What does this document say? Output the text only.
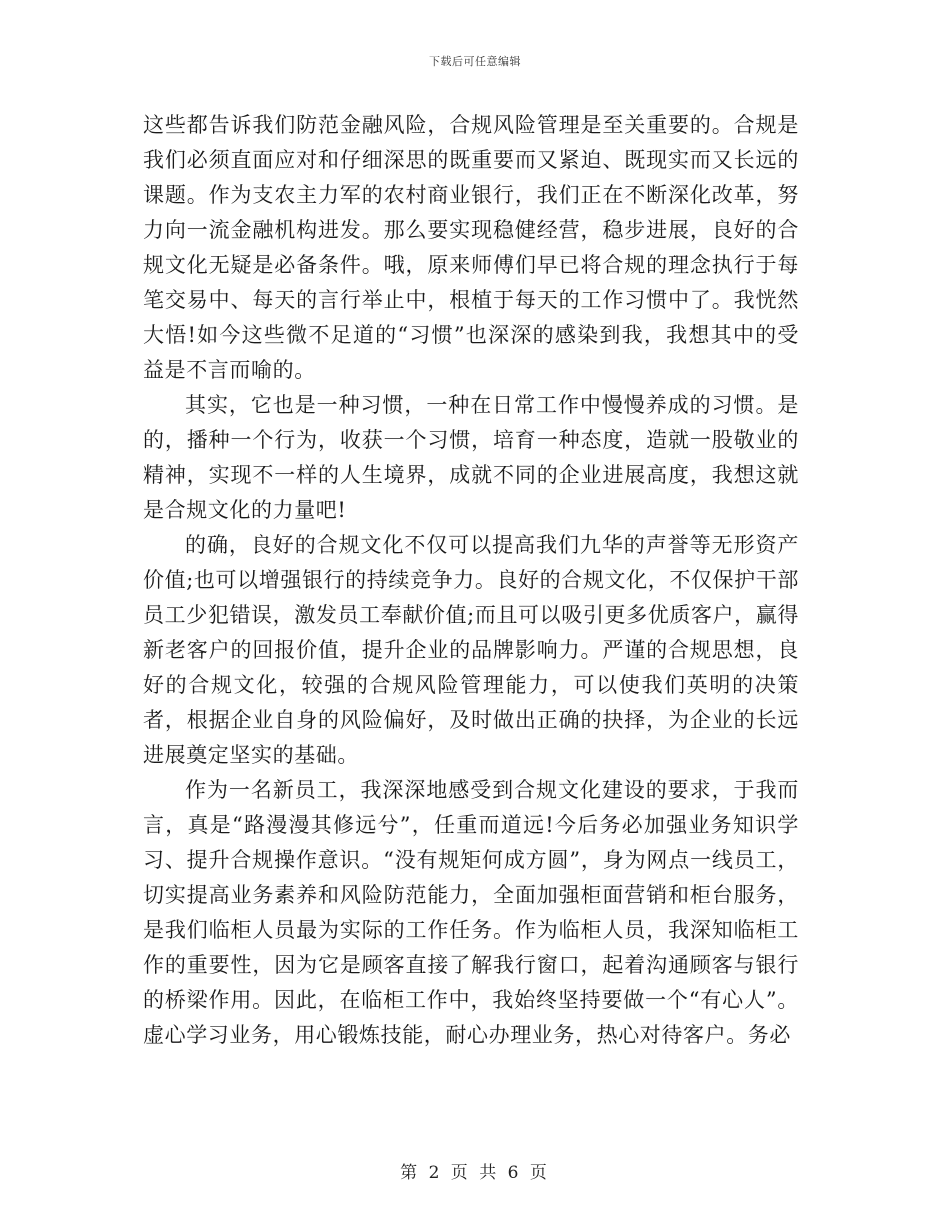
下载后可任意编辑

这些都告诉我们防范金融风险，合规风险管理是至关重要的。合规是我们必须直面应对和仔细深思的既重要而又紧迫、既现实而又长远的课题。作为支农主力军的农村商业银行，我们正在不断深化改革，努力向一流金融机构进发。那么要实现稳健经营，稳步进展，良好的合规文化无疑是必备条件。哦，原来师傅们早已将合规的理念执行于每笔交易中、每天的言行举止中，根植于每天的工作习惯中了。我恍然大悟!如今这些微不足道的“习惯”也深深的感染到我，我想其中的受益是不言而喻的。

其实，它也是一种习惯，一种在日常工作中慢慢养成的习惯。是的，播种一个行为，收获一个习惯，培育一种态度，造就一股敬业的精神，实现不一样的人生境界，成就不同的企业进展高度，我想这就是合规文化的力量吧!

的确，良好的合规文化不仅可以提高我们九华的声誉等无形资产价值;也可以增强银行的持续竞争力。良好的合规文化，不仅保护干部员工少犯错误，激发员工奉献价值;而且可以吸引更多优质客户，赢得新老客户的回报价值，提升企业的品牌影响力。严谨的合规思想，良好的合规文化，较强的合规风险管理能力，可以使我们英明的决策者，根据企业自身的风险偏好，及时做出正确的抉择，为企业的长远进展奠定坚实的基础。

作为一名新员工，我深深地感受到合规文化建设的要求，于我而言，真是“路漫漫其修远兮”，任重而道远!今后务必加强业务知识学习、提升合规操作意识。“没有规矩何成方圆”，身为网点一线员工，切实提高业务素养和风险防范能力，全面加强柜面营销和柜台服务，是我们临柜人员最为实际的工作任务。作为临柜人员，我深知临柜工作的重要性，因为它是顾客直接了解我行窗口，起着沟通顾客与银行的桥梁作用。因此，在临柜工作中，我始终坚持要做一个“有心人”。虚心学习业务，用心锻炼技能，耐心办理业务，热心对待客户。务必

第 2 页 共 6 页
